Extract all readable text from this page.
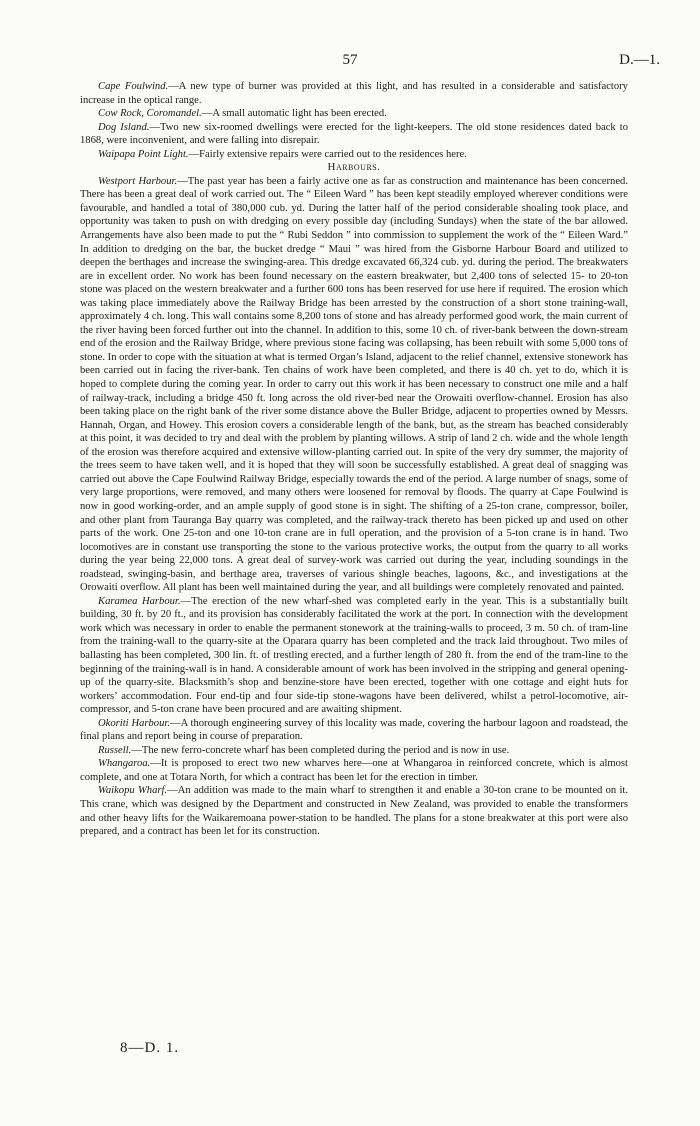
57	D.—1.

Cape Foulwind.—A new type of burner was provided at this light, and has resulted in a considerable and satisfactory increase in the optical range.

Cow Rock, Coromandel.—A small automatic light has been erected.

Dog Island.—Two new six-roomed dwellings were erected for the light-keepers. The old stone residences dated back to 1868, were inconvenient, and were falling into disrepair.

Waipapa Point Light.—Fairly extensive repairs were carried out to the residences here.

Harbours.

Westport Harbour.—The past year has been a fairly active one as far as construction and maintenance has been concerned. There has been a great deal of work carried out. The “ Eileen Ward ” has been kept steadily employed wherever conditions were favourable, and handled a total of 380,000 cub. yd. During the latter half of the period considerable shoaling took place, and opportunity was taken to push on with dredging on every possible day (including Sundays) when the state of the bar allowed. Arrangements have also been made to put the “ Rubi Seddon ” into commission to supplement the work of the “ Eileen Ward.” In addition to dredging on the bar, the bucket dredge “ Maui ” was hired from the Gisborne Harbour Board and utilized to deepen the berthages and increase the swinging-area. This dredge excavated 66,324 cub. yd. during the period. The breakwaters are in excellent order. No work has been found necessary on the eastern breakwater, but 2,400 tons of selected 15- to 20-ton stone was placed on the western breakwater and a further 600 tons has been reserved for use here if required. The erosion which was taking place immediately above the Railway Bridge has been arrested by the construction of a short stone training-wall, approximately 4 ch. long. This wall contains some 8,200 tons of stone and has already performed good work, the main current of the river having been forced further out into the channel. In addition to this, some 10 ch. of river-bank between the down-stream end of the erosion and the Railway Bridge, where previous stone facing was collapsing, has been rebuilt with some 5,000 tons of stone. In order to cope with the situation at what is termed Organ’s Island, adjacent to the relief channel, extensive stonework has been carried out in facing the river-bank. Ten chains of work have been completed, and there is 40 ch. yet to do, which it is hoped to complete during the coming year. In order to carry out this work it has been necessary to construct one mile and a half of railway-track, including a bridge 450 ft. long across the old river-bed near the Orowaiti overflow-channel. Erosion has also been taking place on the right bank of the river some distance above the Buller Bridge, adjacent to properties owned by Messrs. Hannah, Organ, and Howey. This erosion covers a considerable length of the bank, but, as the stream has beached considerably at this point, it was decided to try and deal with the problem by planting willows. A strip of land 2 ch. wide and the whole length of the erosion was therefore acquired and extensive willow-planting carried out. In spite of the very dry summer, the majority of the trees seem to have taken well, and it is hoped that they will soon be successfully established. A great deal of snagging was carried out above the Cape Foulwind Railway Bridge, especially towards the end of the period. A large number of snags, some of very large proportions, were removed, and many others were loosened for removal by floods. The quarry at Cape Foulwind is now in good working-order, and an ample supply of good stone is in sight. The shifting of a 25-ton crane, compressor, boiler, and other plant from Tauranga Bay quarry was completed, and the railway-track thereto has been picked up and used on other parts of the work. One 25-ton and one 10-ton crane are in full operation, and the provision of a 5-ton crane is in hand. Two locomotives are in constant use transporting the stone to the various protective works, the output from the quarry to all works during the year being 22,000 tons. A great deal of survey-work was carried out during the year, including soundings in the roadstead, swinging-basin, and berthage area, traverses of various shingle beaches, lagoons, &c., and investigations at the Orowaiti overflow. All plant has been well maintained during the year, and all buildings were completely renovated and painted.

Karamea Harbour.—The erection of the new wharf-shed was completed early in the year. This is a substantially built building, 30 ft. by 20 ft., and its provision has considerably facilitated the work at the port. In connection with the development work which was necessary in order to enable the permanent stonework at the training-walls to proceed, 3 m. 50 ch. of tram-line from the training-wall to the quarry-site at the Oparara quarry has been completed and the track laid throughout. Two miles of ballasting has been completed, 300 lin. ft. of trestling erected, and a further length of 280 ft. from the end of the tram-line to the beginning of the training-wall is in hand. A considerable amount of work has been involved in the stripping and general opening-up of the quarry-site. Blacksmith’s shop and benzine-store have been erected, together with one cottage and eight huts for workers’ accommodation. Four end-tip and four side-tip stone-wagons have been delivered, whilst a petrol-locomotive, air-compressor, and 5-ton crane have been procured and are awaiting shipment.

Okoriti Harbour.—A thorough engineering survey of this locality was made, covering the harbour lagoon and roadstead, the final plans and report being in course of preparation.

Russell.—The new ferro-concrete wharf has been completed during the period and is now in use.

Whangaroa.—It is proposed to erect two new wharves here—one at Whangaroa in reinforced concrete, which is almost complete, and one at Totara North, for which a contract has been let for the erection in timber.

Waikopu Wharf.—An addition was made to the main wharf to strengthen it and enable a 30-ton crane to be mounted on it. This crane, which was designed by the Department and constructed in New Zealand, was provided to enable the transformers and other heavy lifts for the Waikaremoana power-station to be handled. The plans for a stone breakwater at this port were also prepared, and a contract has been let for its construction.

8—D. 1.
